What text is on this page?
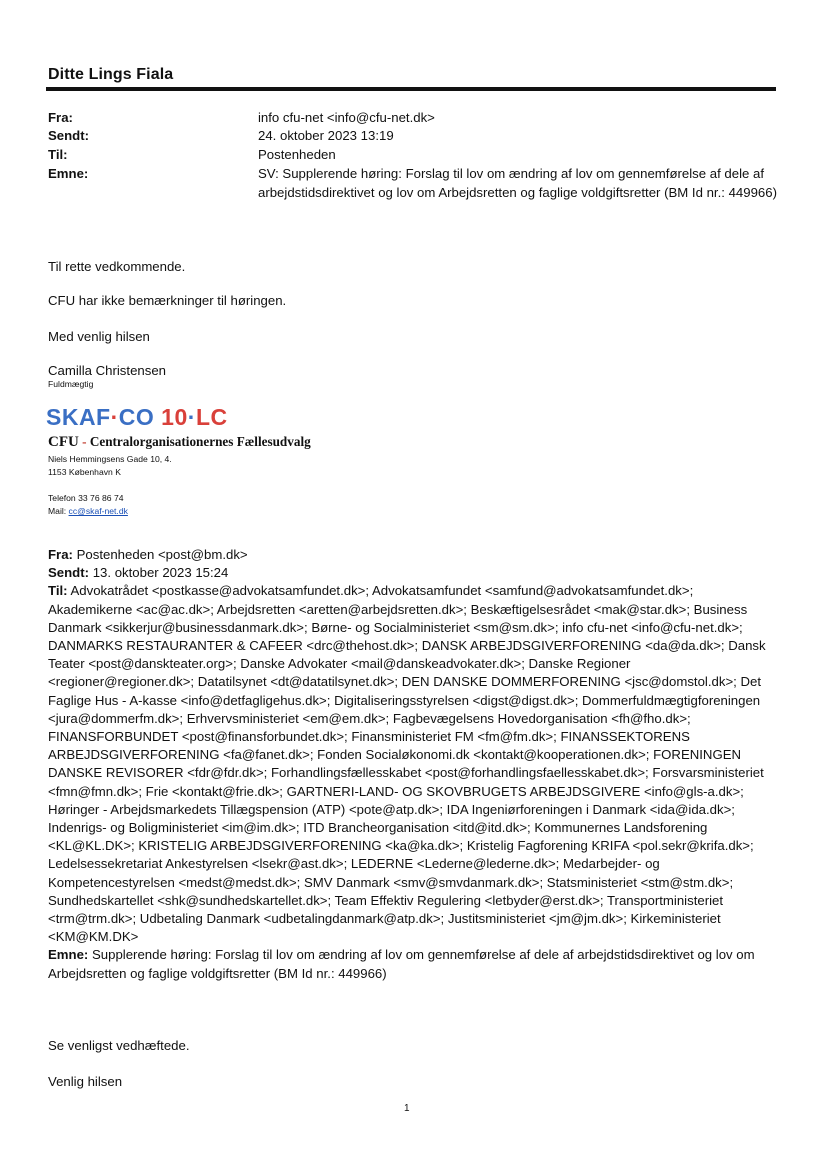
Ditte Lings Fiala
Fra:	info cfu-net <info@cfu-net.dk>
Sendt:	24. oktober 2023 13:19
Til:	Postenheden
Emne:	SV: Supplerende høring: Forslag til lov om ændring af lov om gennemførelse af dele af arbejdstidsdirektivet og lov om Arbejdsretten og faglige voldgiftsretter (BM Id nr.: 449966)
Til rette vedkommende.
CFU har ikke bemærkninger til høringen.
Med venlig hilsen
Camilla Christensen
Fuldmægtig
SKAF·CO 10·LC
CFU - Centralorganisationernes Fællesudvalg
Niels Hemmingsens Gade 10, 4.
1153 København K
Telefon 33 76 86 74
Mail: cc@skaf-net.dk
Fra: Postenheden <post@bm.dk>
Sendt: 13. oktober 2023 15:24
Til: Advokatrådet <postkasse@advokatsamfundet.dk>; Advokatsamfundet <samfund@advokatsamfundet.dk>; Akademikerne <ac@ac.dk>; Arbejdsretten <aretten@arbejdsretten.dk>; Beskæftigelsesrådet <mak@star.dk>; Business Danmark <sikkerjur@businessdanmark.dk>; Børne- og Socialministeriet <sm@sm.dk>; info cfu-net <info@cfu-net.dk>; DANMARKS RESTAURANTER & CAFEER <drc@thehost.dk>; DANSK ARBEJDSGIVERFORENING <da@da.dk>; Dansk Teater <post@danskteater.org>; Danske Advokater <mail@danskeadvokater.dk>; Danske Regioner <regioner@regioner.dk>; Datatilsynet <dt@datatilsynet.dk>; DEN DANSKE DOMMERFORENING <jsc@domstol.dk>; Det Faglige Hus - A-kasse <info@detfagligehus.dk>; Digitaliseringsstyrelsen <digst@digst.dk>; Dommerfuldmægtigforeningen <jura@dommerfm.dk>; Erhvervsministeriet <em@em.dk>; Fagbevægelsens Hovedorganisation <fh@fho.dk>; FINANSFORBUNDET <post@finansforbundet.dk>; Finansministeriet FM <fm@fm.dk>; FINANSSEKTORENS ARBEJDSGIVERFORENING <fa@fanet.dk>; Fonden Socialøkonomi.dk <kontakt@kooperationen.dk>; FORENINGEN DANSKE REVISORER <fdr@fdr.dk>; Forhandlingsfællesskabet <post@forhandlingsfaellesskabet.dk>; Forsvarsministeriet <fmn@fmn.dk>; Frie <kontakt@frie.dk>; GARTNERI-LAND- OG SKOVBRUGETS ARBEJDSGIVERE <info@gls-a.dk>; Høringer - Arbejdsmarkedets Tillægspension (ATP) <pote@atp.dk>; IDA Ingeniørforeningen i Danmark <ida@ida.dk>; Indenrigs- og Boligministeriet <im@im.dk>; ITD Brancheorganisation <itd@itd.dk>; Kommunernes Landsforening <KL@KL.DK>; KRISTELIG ARBEJDSGIVERFORENING <ka@ka.dk>; Kristelig Fagforening KRIFA <pol.sekr@krifa.dk>; Ledelsessekretariat Ankestyrelsen <lsekr@ast.dk>; LEDERNE <Lederne@lederne.dk>; Medarbejder- og Kompetencestyrelsen <medst@medst.dk>; SMV Danmark <smv@smvdanmark.dk>; Statsministeriet <stm@stm.dk>; Sundhedskartellet <shk@sundhedskartellet.dk>; Team Effektiv Regulering <letbyder@erst.dk>; Transportministeriet <trm@trm.dk>; Udbetaling Danmark <udbetalingdanmark@atp.dk>; Justitsministeriet <jm@jm.dk>; Kirkeministeriet <KM@KM.DK>
Emne: Supplerende høring: Forslag til lov om ændring af lov om gennemførelse af dele af arbejdstidsdirektivet og lov om Arbejdsretten og faglige voldgiftsretter (BM Id nr.: 449966)
Se venligst vedhæftede.
Venlig hilsen
1
